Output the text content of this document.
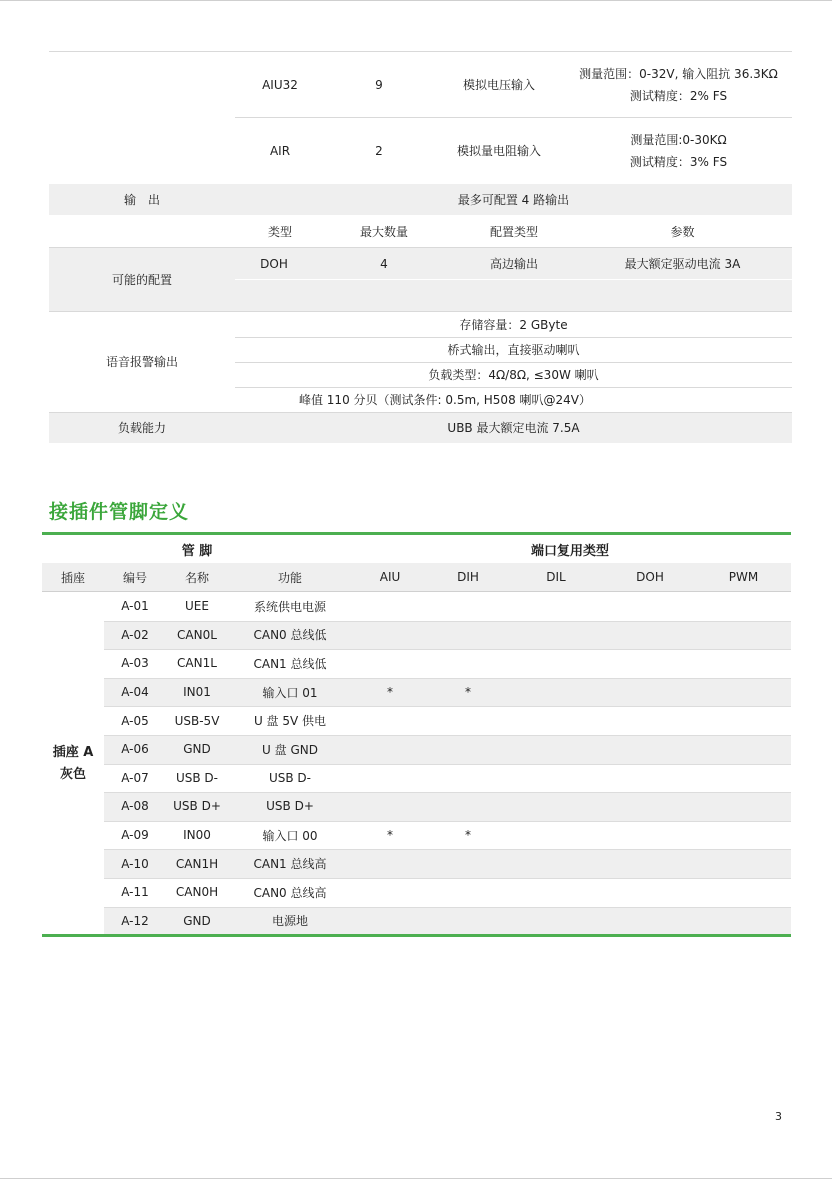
AIU32	9	模拟电压输入
测量范围：0-32V, 输入阻抗 36.3KΩ
测试精度：2% FS
AIR	2	模拟量电阻输入
测量范围:0-30KΩ
测试精度：3% FS
输　出	最多可配置 4 路输出
类型	最大数量	配置类型	参数
可能的配置
DOH	4	高边输出	最大额定驱动电流 3A
语音报警输出
存储容量：2 GByte
桥式输出，直接驱动喇叭
负载类型：4Ω/8Ω, ≤30W 喇叭
峰值 110 分贝（测试条件: 0.5m, H508 喇叭@24V）
负载能力	UBB 最大额定电流 7.5A
接插件管脚定义
管 脚	端口复用类型
插座	编号	名称	功能	AIU	DIH	DIL	DOH	PWM
插座 A
灰色
A-01	UEE	系统供电电源
A-02	CAN0L	CAN0 总线低
A-03	CAN1L	CAN1 总线低
A-04	IN01	输入口 01	*	*
A-05	USB-5V	U 盘 5V 供电
A-06	GND	U 盘 GND
A-07	USB D-	USB D-
A-08	USB D+	USB D+
A-09	IN00	输入口 00	*	*
A-10	CAN1H	CAN1 总线高
A-11	CAN0H	CAN0 总线高
A-12	GND	电源地
3
